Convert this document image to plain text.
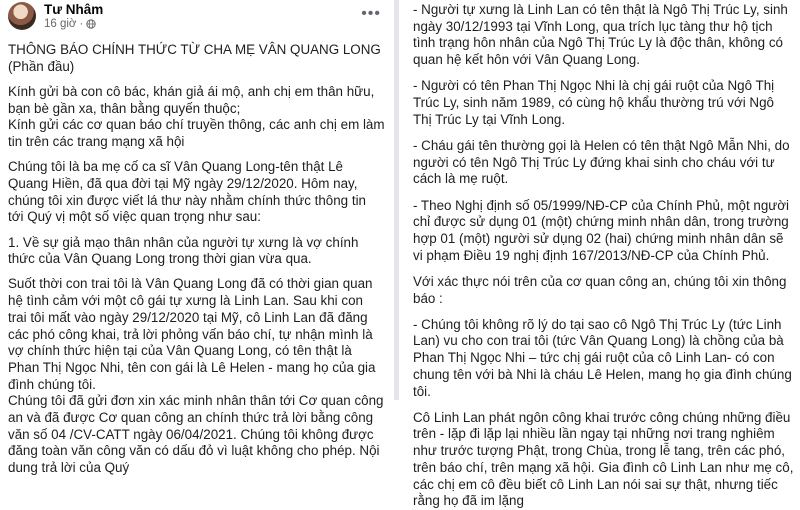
Tư Nhâm
16 giờ ·
•••

THÔNG BÁO CHÍNH THỨC TỪ CHA MẸ VÂN QUANG LONG (Phần đầu)

Kính gửi bà con cô bác, khán giả ái mộ, anh chị em thân hữu, bạn bè gần xa, thân bằng quyến thuộc;

Kính gửi các cơ quan báo chí truyền thông, các anh chị em làm tin trên các trang mạng xã hội

Chúng tôi là ba mẹ cố ca sĩ Vân Quang Long-tên thật Lê Quang Hiền, đã qua đời tại Mỹ ngày 29/12/2020. Hôm nay, chúng tôi xin được viết lá thư này nhằm chính thức thông tin tới Quý vị một số việc quan trọng như sau:

1. Về sự giả mạo thân nhân của người tự xưng là vợ chính thức của Vân Quang Long trong thời gian vừa qua.

Suốt thời con trai tôi là Vân Quang Long đã có thời gian quan hệ tình cảm với một cô gái tự xưng là Linh Lan. Sau khi con trai tôi mất vào ngày 29/12/2020 tại Mỹ, cô Linh Lan đã đăng các phó công khai, trả lời phỏng vấn báo chí, tự nhận mình là vợ chính thức hiện tại của Vân Quang Long, có tên thật là Phan Thị Ngọc Nhi, tên con gái là Lê Helen - mang họ của gia đình chúng tôi.

Chúng tôi đã gửi đơn xin xác minh nhân thân tới Cơ quan công an và đã được Cơ quan công an chính thức trả lời bằng công văn số 04 /CV-CATT ngày 06/04/2021. Chúng tôi không được đăng toàn văn công văn có dấu đỏ vì luật không cho phép. Nội dung trả lời của Quý

- Người tự xưng là Linh Lan có tên thật là Ngô Thị Trúc Ly, sinh ngày 30/12/1993 tại Vĩnh Long, qua trích lục tàng thư hộ tịch tình trạng hôn nhân của Ngô Thị Trúc Ly là độc thân, không có quan hệ kết hôn với Vân Quang Long.

- Người có tên Phan Thị Ngọc Nhi là chị gái ruột của Ngô Thị Trúc Ly, sinh năm 1989, có cùng hộ khẩu thường trú với Ngô Thị Trúc Ly tại Vĩnh Long.

- Cháu gái tên thường gọi là Helen có tên thật Ngô Mẫn Nhi, do người có tên Ngô Thị Trúc Ly đứng khai sinh cho cháu với tư cách là mẹ ruột.

- Theo Nghị định số 05/1999/NĐ-CP của Chính Phủ, một người chỉ được sử dụng 01 (một) chứng minh nhân dân, trong trường hợp 01 (một) người sử dụng 02 (hai) chứng minh nhân dân sẽ vi phạm Điều 19 nghị định 167/2013/NĐ-CP của Chính Phủ.

Với xác thực nói trên của cơ quan công an, chúng tôi xin thông báo :

- Chúng tôi không rõ lý do tại sao cô Ngô Thị Trúc Ly (tức Linh Lan) vu cho con trai tôi (tức Vân Quang Long) là chồng của bà Phan Thị Ngọc Nhi – tức chị gái ruột của cô Linh Lan- có con chung tên với bà Nhi là cháu Lê Helen, mang họ gia đình chúng tôi.

Cô Linh Lan phát ngôn công khai trước công chúng những điều trên - lặp đi lặp lại nhiều lần ngay tại những nơi trang nghiêm như trước tượng Phật, trong Chùa, trong lễ tang, trên các phó, trên báo chí, trên mạng xã hội. Gia đình cô Linh Lan như mẹ cô, các chị em cô đều biết cô Linh Lan nói sai sự thật, nhưng tiếc rằng họ đã im lặng
